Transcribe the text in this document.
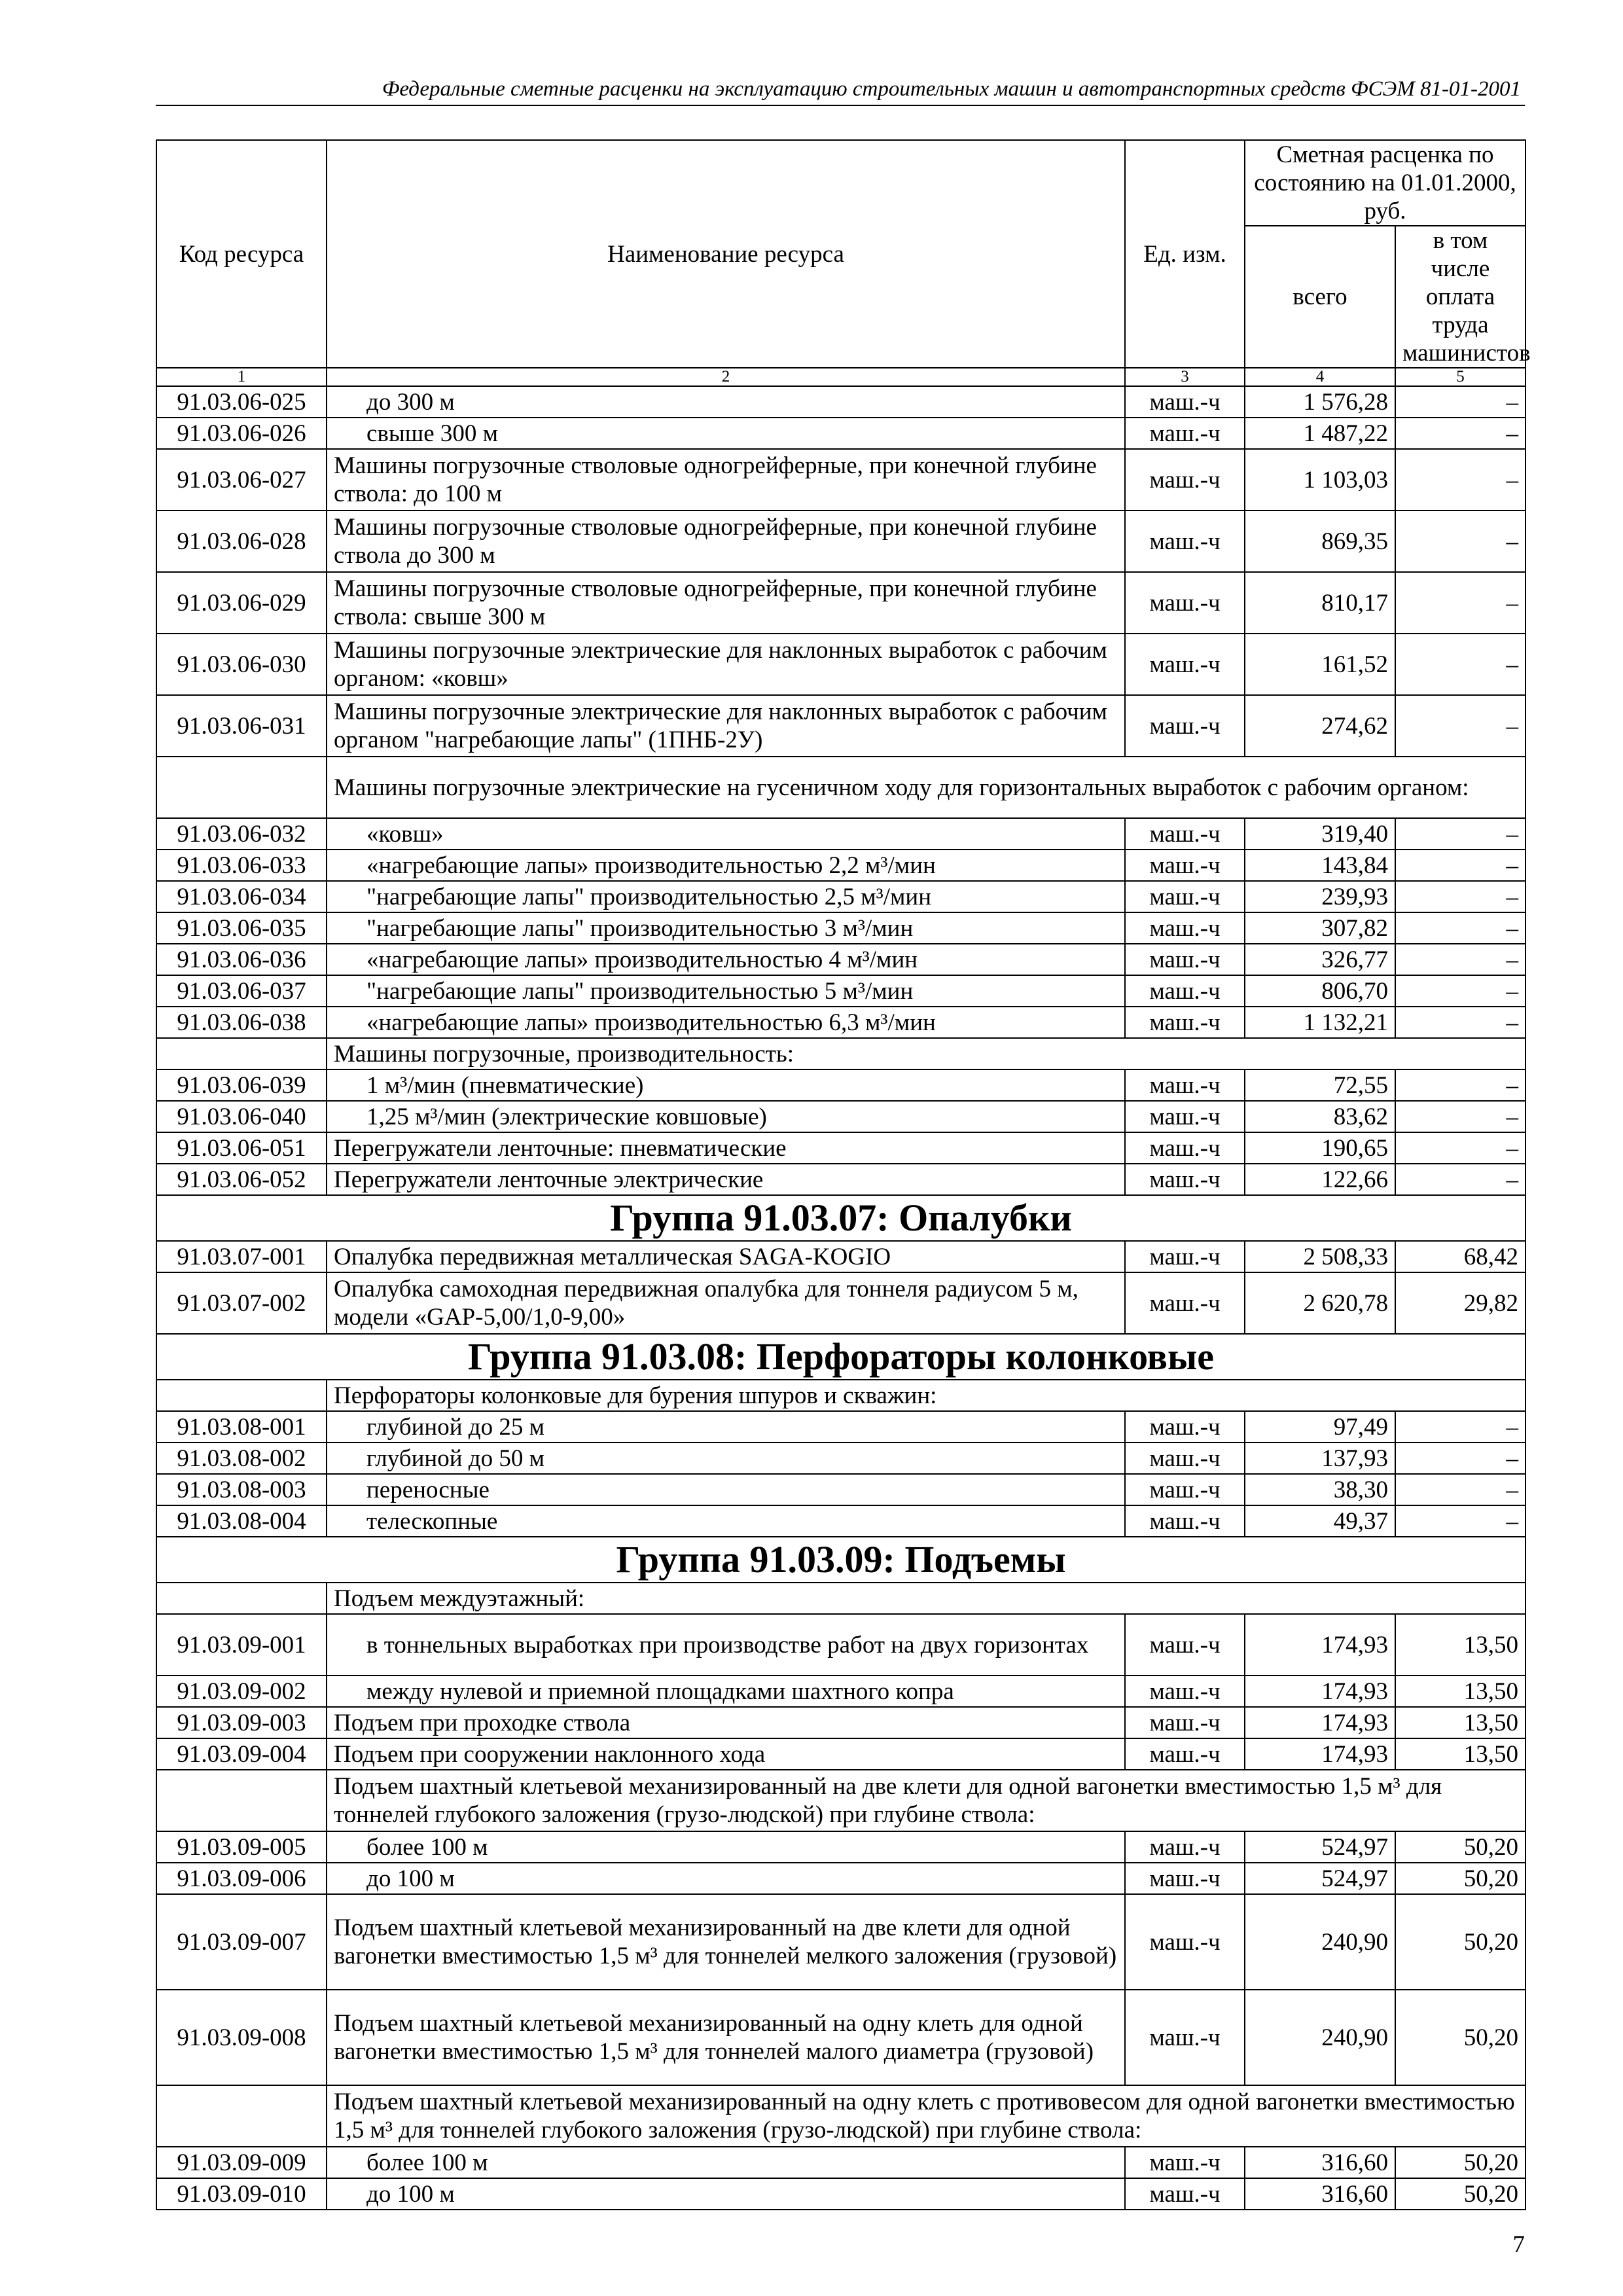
Федеральные сметные расценки на эксплуатацию строительных машин и автотранспортных средств ФСЭМ 81-01-2001
Код ресурса	Наименование ресурса	Ед. изм.	Сметная расценка по состоянию на 01.01.2000, руб.	
			всего	в том числе оплата труда машинистов
1	2	3	4	5
91.03.06-025	до 300 м	маш.-ч	1 576,28	–
91.03.06-026	свыше 300 м	маш.-ч	1 487,22	–
91.03.06-027	Машины погрузочные стволовые одногрейферные, при конечной глубине ствола: до 100 м	маш.-ч	1 103,03	–
91.03.06-028	Машины погрузочные стволовые одногрейферные, при конечной глубине ствола до 300 м	маш.-ч	869,35	–
91.03.06-029	Машины погрузочные стволовые одногрейферные, при конечной глубине ствола: свыше 300 м	маш.-ч	810,17	–
91.03.06-030	Машины погрузочные электрические для наклонных выработок с рабочим органом: «ковш»	маш.-ч	161,52	–
91.03.06-031	Машины погрузочные электрические для наклонных выработок с рабочим органом "нагребающие лапы" (1ПНБ-2У)	маш.-ч	274,62	–
	Машины погрузочные электрические на гусеничном ходу для горизонтальных выработок с рабочим органом:			
91.03.06-032	«ковш»	маш.-ч	319,40	–
91.03.06-033	«нагребающие лапы» производительностью 2,2 м³/мин	маш.-ч	143,84	–
91.03.06-034	"нагребающие лапы" производительностью 2,5 м³/мин	маш.-ч	239,93	–
91.03.06-035	"нагребающие лапы" производительностью 3 м³/мин	маш.-ч	307,82	–
91.03.06-036	«нагребающие лапы» производительностью 4 м³/мин	маш.-ч	326,77	–
91.03.06-037	"нагребающие лапы" производительностью 5 м³/мин	маш.-ч	806,70	–
91.03.06-038	«нагребающие лапы» производительностью 6,3 м³/мин	маш.-ч	1 132,21	–
	Машины погрузочные, производительность:			
91.03.06-039	1 м³/мин (пневматические)	маш.-ч	72,55	–
91.03.06-040	1,25 м³/мин (электрические ковшовые)	маш.-ч	83,62	–
91.03.06-051	Перегружатели ленточные: пневматические	маш.-ч	190,65	–
91.03.06-052	Перегружатели ленточные электрические	маш.-ч	122,66	–
Группа 91.03.07: Опалубки				
91.03.07-001	Опалубка передвижная металлическая SAGA-KOGIO	маш.-ч	2 508,33	68,42
91.03.07-002	Опалубка самоходная передвижная опалубка для тоннеля радиусом 5 м, модели «GAP-5,00/1,0-9,00»	маш.-ч	2 620,78	29,82
Группа 91.03.08: Перфораторы колонковые				
	Перфораторы колонковые для бурения шпуров и скважин:			
91.03.08-001	глубиной до 25 м	маш.-ч	97,49	–
91.03.08-002	глубиной до 50 м	маш.-ч	137,93	–
91.03.08-003	переносные	маш.-ч	38,30	–
91.03.08-004	телескопные	маш.-ч	49,37	–
Группа 91.03.09: Подъемы				
	Подъем междуэтажный:			
91.03.09-001	в тоннельных выработках при производстве работ на двух горизонтах	маш.-ч	174,93	13,50
91.03.09-002	между нулевой и приемной площадками шахтного копра	маш.-ч	174,93	13,50
91.03.09-003	Подъем при проходке ствола	маш.-ч	174,93	13,50
91.03.09-004	Подъем при сооружении наклонного хода	маш.-ч	174,93	13,50
	Подъем шахтный клетьевой механизированный на две клети для одной вагонетки вместимостью 1,5 м³ для тоннелей глубокого заложения (грузо-людской) при глубине ствола:			
91.03.09-005	более 100 м	маш.-ч	524,97	50,20
91.03.09-006	до 100 м	маш.-ч	524,97	50,20
91.03.09-007	Подъем шахтный клетьевой механизированный на две клети для одной вагонетки вместимостью 1,5 м³ для тоннелей мелкого заложения (грузовой)	маш.-ч	240,90	50,20
91.03.09-008	Подъем шахтный клетьевой механизированный на одну клеть для одной вагонетки вместимостью 1,5 м³ для тоннелей малого диаметра (грузовой)	маш.-ч	240,90	50,20
	Подъем шахтный клетьевой механизированный на одну клеть с противовесом для одной вагонетки вместимостью 1,5 м³ для тоннелей глубокого заложения (грузо-людской) при глубине ствола:			
91.03.09-009	более 100 м	маш.-ч	316,60	50,20
91.03.09-010	до 100 м	маш.-ч	316,60	50,20
7
